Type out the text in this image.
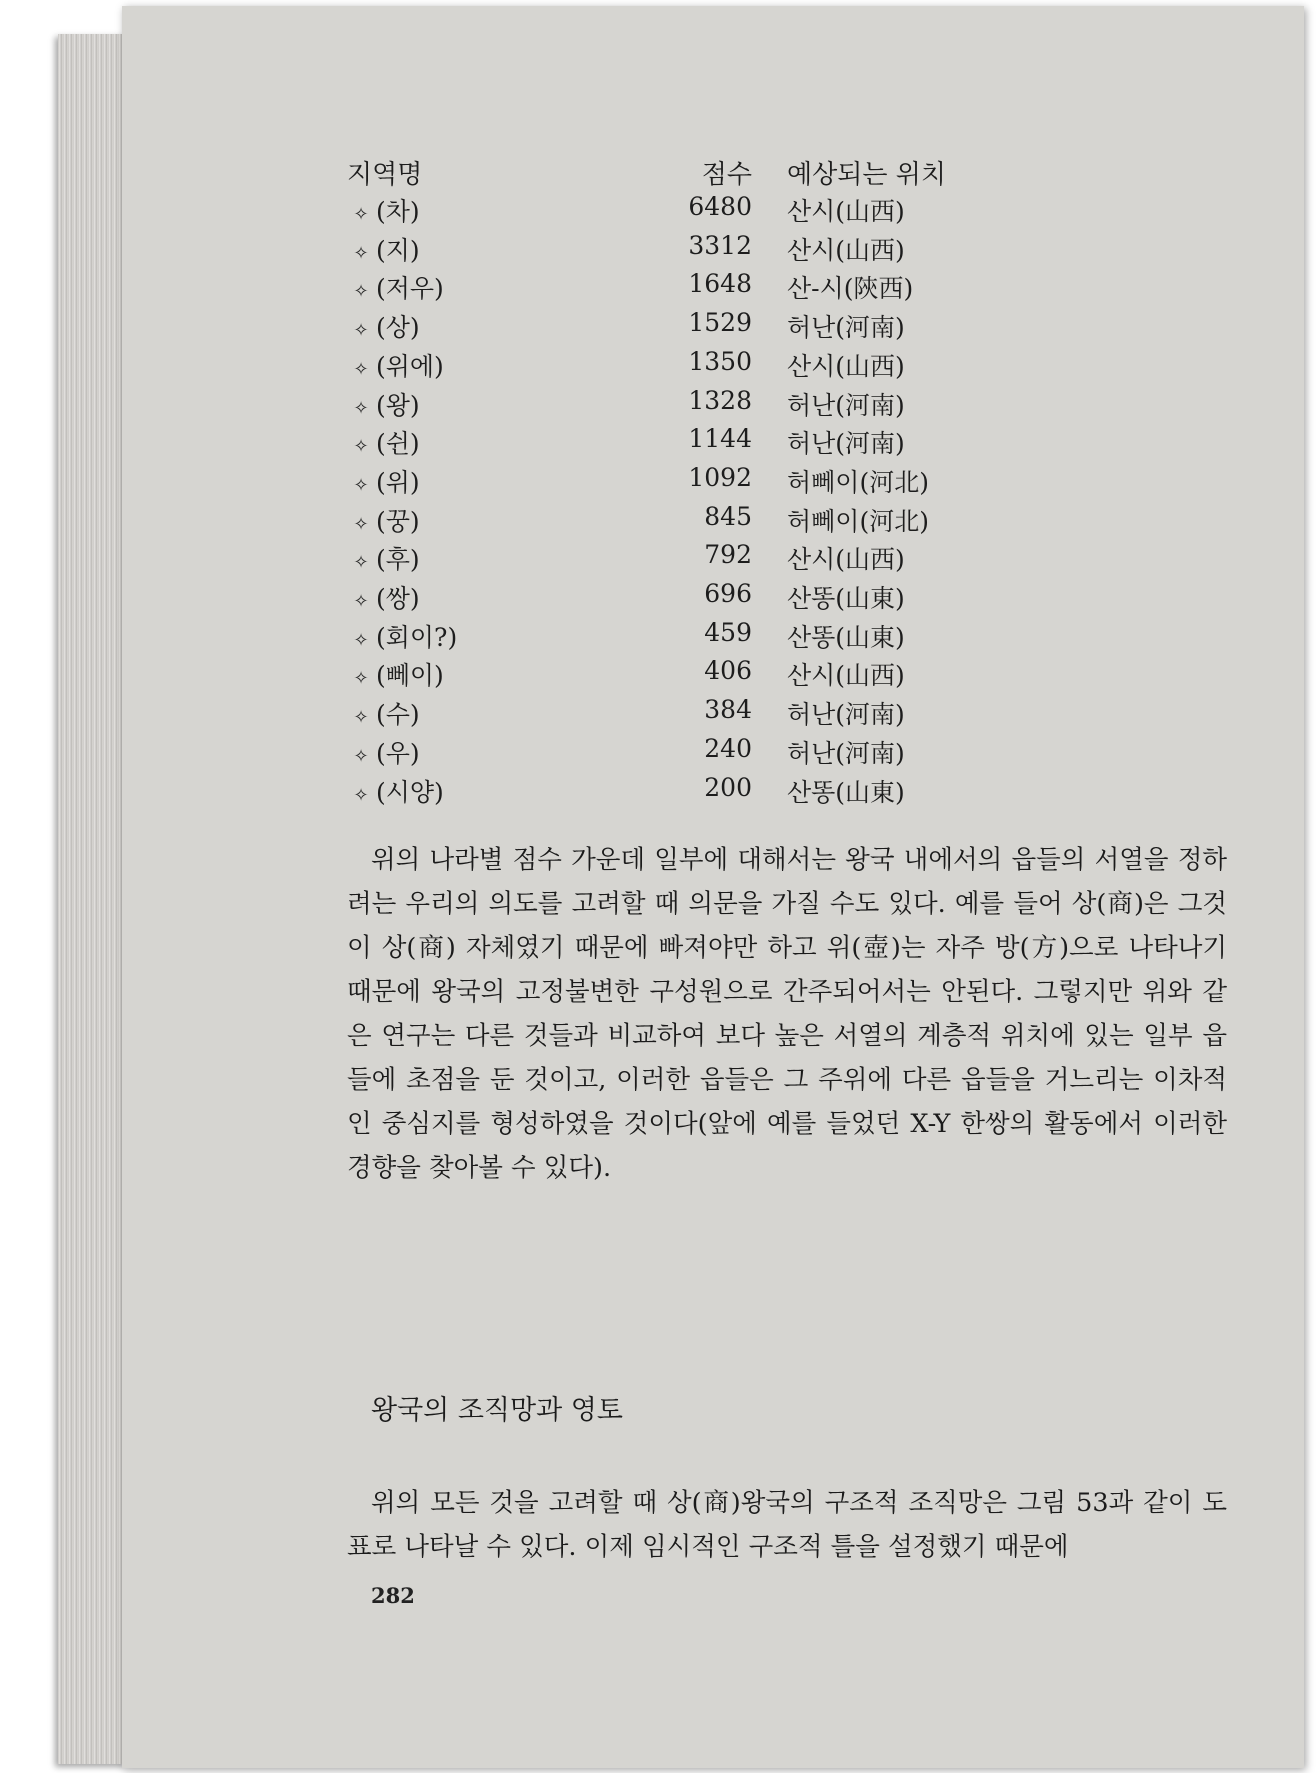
지역명	점수 예상되는 위치
✧ (차)	6480 산시(山西)
✧ (지)	3312 산시(山西)
✧ (저우)	1648 산-시(陝西)
✧ (상)	1529 허난(河南)
✧ (위에)	1350 산시(山西)
✧ (왕)	1328 허난(河南)
✧ (쉰)	1144 허난(河南)
✧ (위)	1092 허뻬이(河北)
✧ (꿍)	845 허뻬이(河北)
✧ (후)	792 산시(山西)
✧ (쌍)	696 산똥(山東)
✧ (회이?)	459 산똥(山東)
✧ (뻬이)	406 산시(山西)
✧ (수)	384 허난(河南)
✧ (우)	240 허난(河南)
✧ (시양)	200 산똥(山東)

위의 나라별 점수 가운데 일부에 대해서는 왕국 내에서의 읍들의 서열을 정하려는 우리의 의도를 고려할 때 의문을 가질 수도 있다. 예를 들어 상(商)은 그것이 상(商) 자체였기 때문에 빠져야만 하고 위(壺)는 자주 방(方)으로 나타나기 때문에 왕국의 고정불변한 구성원으로 간주되어서는 안된다. 그렇지만 위와 같은 연구는 다른 것들과 비교하여 보다 높은 서열의 계층적 위치에 있는 일부 읍들에 초점을 둔 것이고, 이러한 읍들은 그 주위에 다른 읍들을 거느리는 이차적인 중심지를 형성하였을 것이다(앞에 예를 들었던 X-Y 한쌍의 활동에서 이러한 경향을 찾아볼 수 있다).

왕국의 조직망과 영토

위의 모든 것을 고려할 때 상(商)왕국의 구조적 조직망은 그림 53과 같이 도표로 나타날 수 있다. 이제 임시적인 구조적 틀을 설정했기 때문에

282
